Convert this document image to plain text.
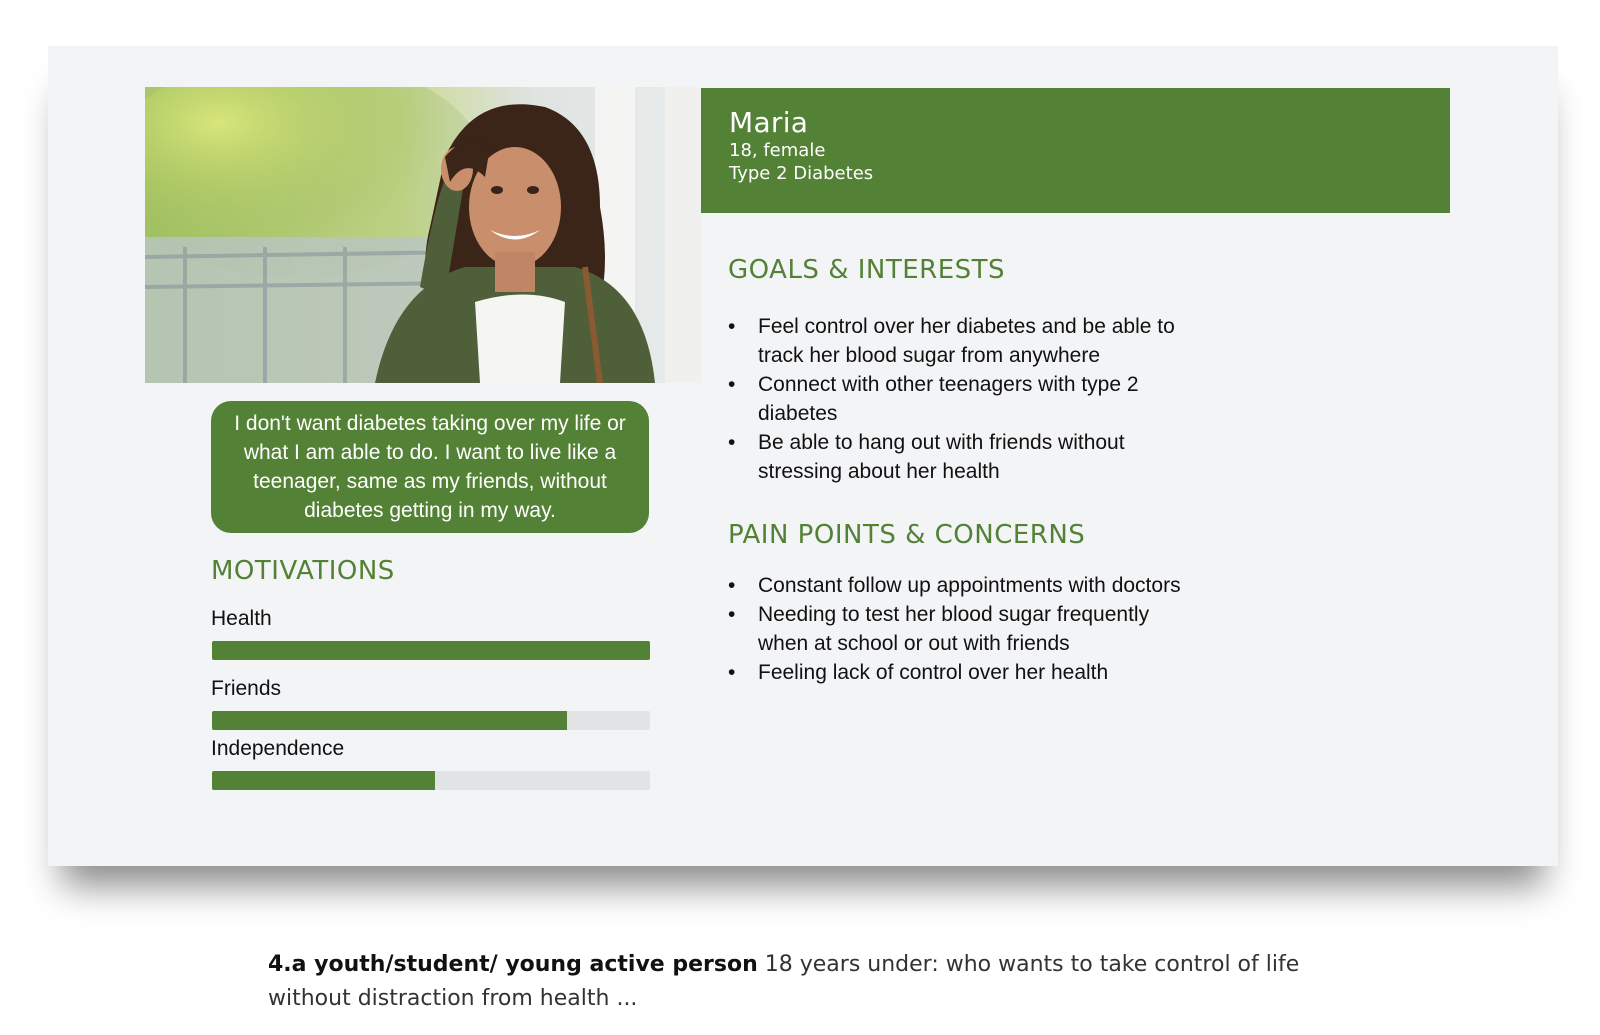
Maria
18, female
Type 2 Diabetes
I don't want diabetes taking over my life or what I am able to do. I want to live like a teenager, same as my friends, without diabetes getting in my way.
MOTIVATIONS
Health
Friends
Independence
GOALS & INTERESTS
• Feel control over her diabetes and be able to track her blood sugar from anywhere
• Connect with other teenagers with type 2 diabetes
• Be able to hang out with friends without stressing about her health
PAIN POINTS & CONCERNS
• Constant follow up appointments with doctors
• Needing to test her blood sugar frequently when at school or out with friends
• Feeling lack of control over her health
4.a youth/student/ young active person 18 years under: who wants to take control of life without distraction from health ...
